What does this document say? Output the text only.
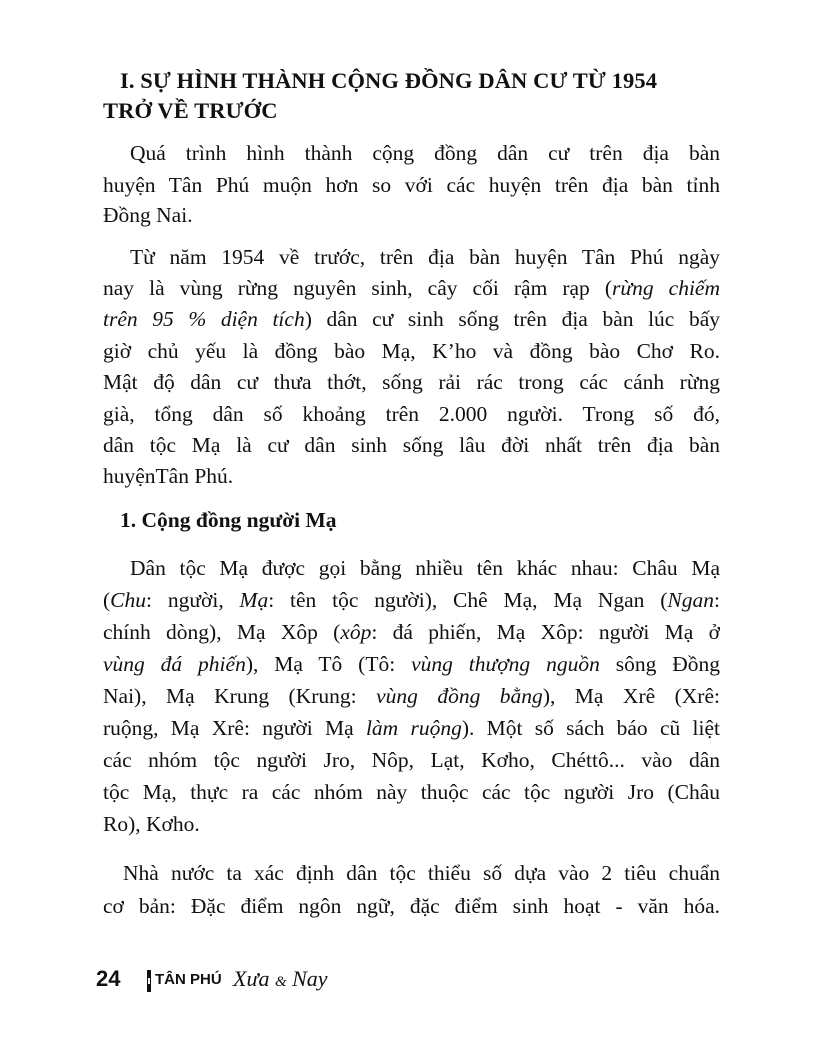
I. SỰ HÌNH THÀNH CỘNG ĐỒNG DÂN CƯ TỪ 1954
TRỞ VỀ TRƯỚC
Quá trình hình thành cộng đồng dân cư trên địa bàn
huyện Tân Phú muộn hơn so với các huyện trên địa bàn tỉnh
Đồng Nai.
Từ năm 1954 về trước, trên địa bàn huyện Tân Phú ngày
nay là vùng rừng nguyên sinh, cây cối rậm rạp (rừng chiếm
trên 95 % diện tích) dân cư sinh sống trên địa bàn lúc bấy
giờ chủ yếu là đồng bào Mạ, K’ho và đồng bào Chơ Ro.
Mật độ dân cư thưa thớt, sống rải rác trong các cánh rừng
già, tổng dân số khoảng trên 2.000 người. Trong số đó,
dân tộc Mạ là cư dân sinh sống lâu đời nhất trên địa bàn
huyệnTân Phú.
1. Cộng đồng người Mạ
Dân tộc Mạ được gọi bằng nhiều tên khác nhau: Châu Mạ
(Chu: người, Mạ: tên tộc người), Chê Mạ, Mạ Ngan (Ngan:
chính dòng), Mạ Xôp (xôp: đá phiến, Mạ Xôp: người Mạ ở
vùng đá phiến), Mạ Tô (Tô: vùng thượng nguồn sông Đồng
Nai), Mạ Krung (Krung: vùng đồng bằng), Mạ Xrê (Xrê:
ruộng, Mạ Xrê: người Mạ làm ruộng). Một số sách báo cũ liệt
các nhóm tộc người Jro, Nôp, Lạt, Kơho, Chéttô... vào dân
tộc Mạ, thực ra các nhóm này thuộc các tộc người Jro (Châu
Ro), Kơho.
Nhà nước ta xác định dân tộc thiểu số dựa vào 2 tiêu chuẩn
cơ bản: Đặc điểm ngôn ngữ, đặc điểm sinh hoạt - văn hóa.
24 TÂN PHÚ Xưa & Nay
